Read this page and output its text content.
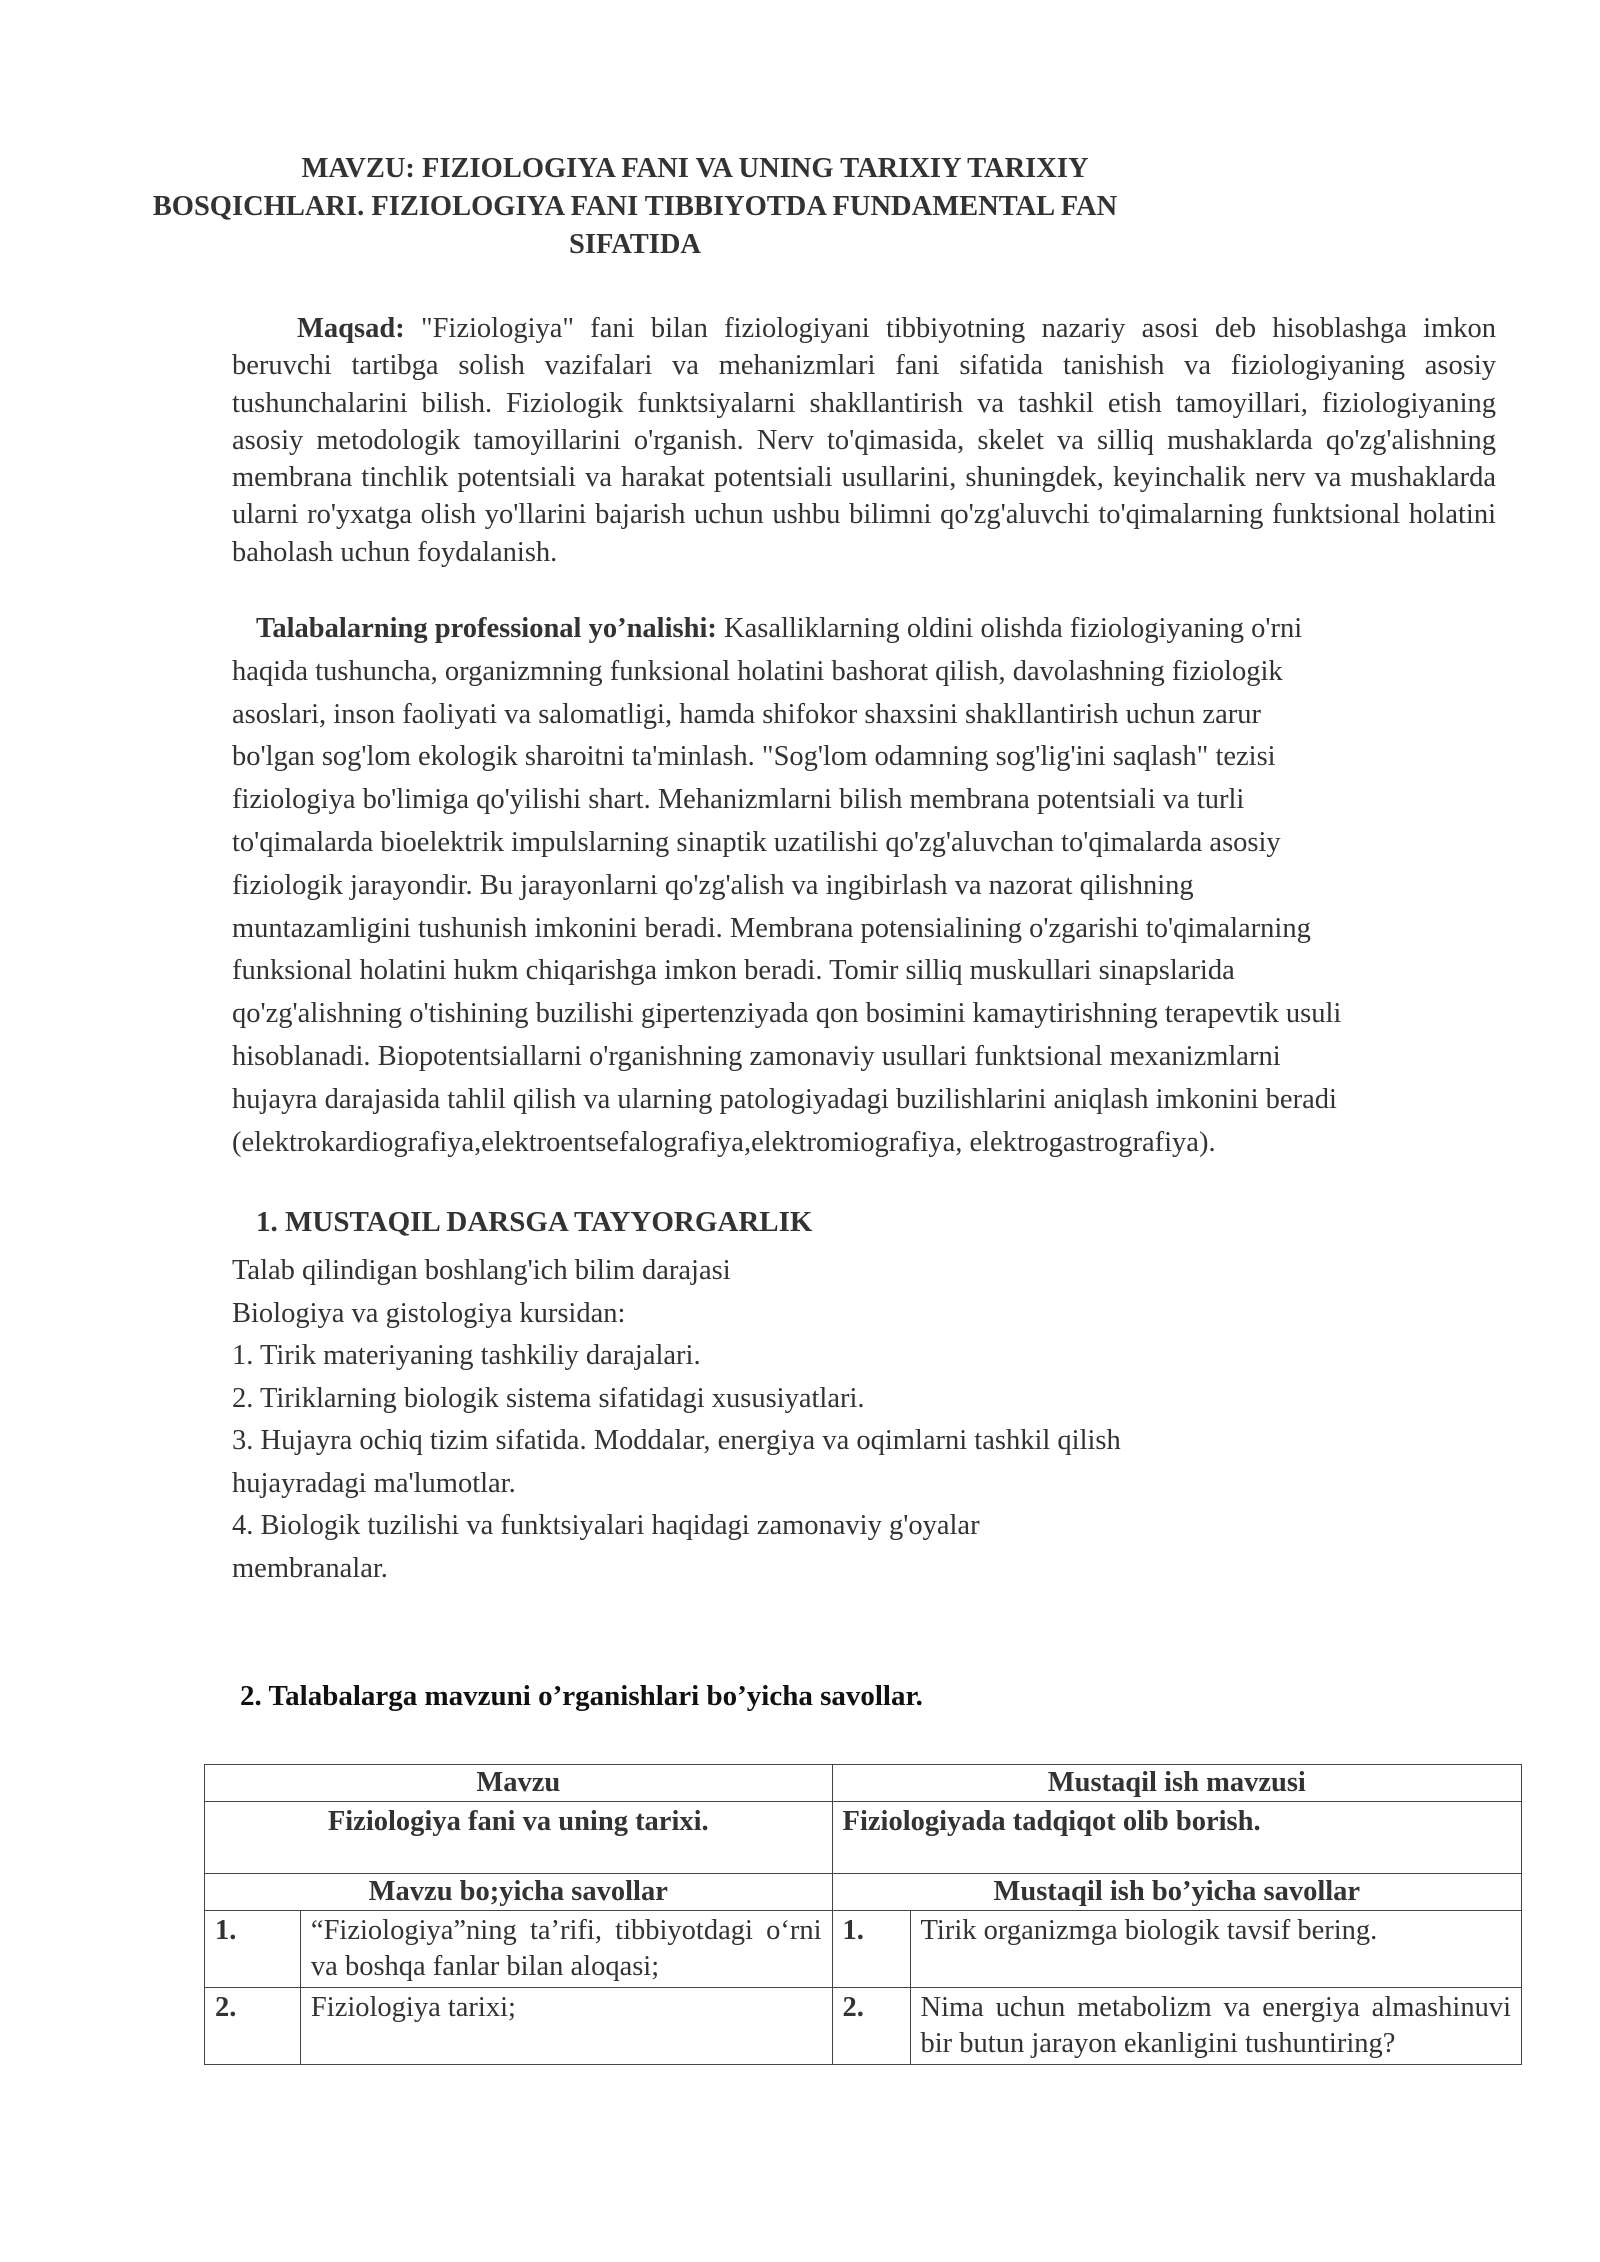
MAVZU: FIZIOLOGIYA FANI VA UNING TARIXIY TARIXIY
BOSQICHLARI. FIZIOLOGIYA FANI TIBBIYOTDA FUNDAMENTAL FAN
SIFATIDA
Maqsad: "Fiziologiya" fani bilan fiziologiyani tibbiyotning nazariy asosi deb hisoblashga imkon beruvchi tartibga solish vazifalari va mehanizmlari fani sifatida tanishish va fiziologiyaning asosiy tushunchalarini bilish. Fiziologik funktsiyalarni shakllantirish va tashkil etish tamoyillari, fiziologiyaning asosiy metodologik tamoyillarini o'rganish. Nerv to'qimasida, skelet va silliq mushaklarda qo'zg'alishning membrana tinchlik potentsiali va harakat potentsiali usullarini, shuningdek, keyinchalik nerv va mushaklarda ularni ro'yxatga olish yo'llarini bajarish uchun ushbu bilimni qo'zg'aluvchi to'qimalarning funktsional holatini baholash uchun foydalanish.
Talabalarning professional yo’nalishi: Kasalliklarning oldini olishda fiziologiyaning o'rni
haqida tushuncha, organizmning funksional holatini bashorat qilish, davolashning fiziologik
asoslari, inson faoliyati va salomatligi, hamda shifokor shaxsini shakllantirish uchun zarur
bo'lgan sog'lom ekologik sharoitni ta'minlash. "Sog'lom odamning sog'lig'ini saqlash" tezisi
fiziologiya bo'limiga qo'yilishi shart. Mehanizmlarni bilish membrana potentsiali va turli
to'qimalarda bioelektrik impulslarning sinaptik uzatilishi qo'zg'aluvchan to'qimalarda asosiy
fiziologik jarayondir. Bu jarayonlarni qo'zg'alish va ingibirlash va nazorat qilishning
muntazamligini tushunish imkonini beradi. Membrana potensialining o'zgarishi to'qimalarning
funksional holatini hukm chiqarishga imkon beradi. Tomir silliq muskullari sinapslarida
qo'zg'alishning o'tishining buzilishi gipertenziyada qon bosimini kamaytirishning terapevtik usuli
hisoblanadi. Biopotentsiallarni o'rganishning zamonaviy usullari funktsional mexanizmlarni
hujayra darajasida tahlil qilish va ularning patologiyadagi buzilishlarini aniqlash imkonini beradi
(elektrokardiografiya,elektroentsefalografiya,elektromiografiya, elektrogastrografiya).
1. MUSTAQIL DARSGA TAYYORGARLIK
Talab qilindigan boshlang'ich bilim darajasi
Biologiya va gistologiya kursidan:
1. Tirik materiyaning tashkiliy darajalari.
2. Tiriklarning biologik sistema sifatidagi xususiyatlari.
3. Hujayra ochiq tizim sifatida. Moddalar, energiya va oqimlarni tashkil qilish
hujayradagi ma'lumotlar.
4. Biologik tuzilishi va funktsiyalari haqidagi zamonaviy g'oyalar
membranalar.
2. Talabalarga mavzuni o’rganishlari bo’yicha savollar.
Mavzu		Mustaqil ish mavzusi	
Fiziologiya fani va uning tarixi.		Fiziologiyada tadqiqot olib borish.	
Mavzu bo;yicha savollar		Mustaqil ish bo’yicha savollar	
1.	“Fiziologiya”ning ta’rifi, tibbiyotdagi o‘rni va boshqa fanlar bilan aloqasi;	1.	Tirik organizmga biologik tavsif bering.
2.	Fiziologiya tarixi;	2.	Nima uchun metabolizm va energiya almashinuvi bir butun jarayon ekanligini tushuntiring?
